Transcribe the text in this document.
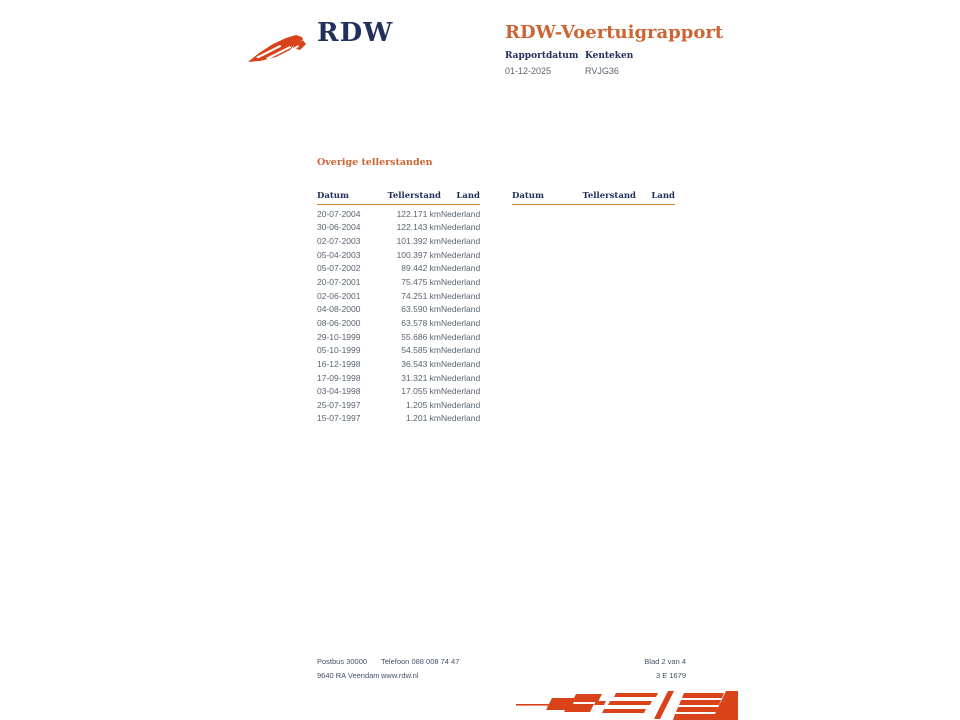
RDW	RDW-Voertuigrapport
Rapportdatum
01-12-2025
Kenteken
RVJG36
Overige tellerstanden
Datum	Tellerstand	Land
20-07-2004	122.171 km Nederland
30-06-2004	122.143 km Nederland
02-07-2003	101.392 km Nederland
05-04-2003	100.397 km Nederland
05-07-2002	89.442 km Nederland
20-07-2001	75.475 km Nederland
02-06-2001	74.251 km Nederland
04-08-2000	63.590 km Nederland
08-06-2000	63.578 km Nederland
29-10-1999	55.686 km Nederland
05-10-1999	54.585 km Nederland
16-12-1998	36.543 km Nederland
17-09-1998	31.321 km Nederland
03-04-1998	17.055 km Nederland
25-07-1997	1.205 km Nederland
15-07-1997	1.201 km Nederland
Datum	Tellerstand	Land
Postbus 30000	Telefoon 088 008 74 47	Blad 2 van 4
9640 RA Veendam www.rdw.nl	3 E 1679
